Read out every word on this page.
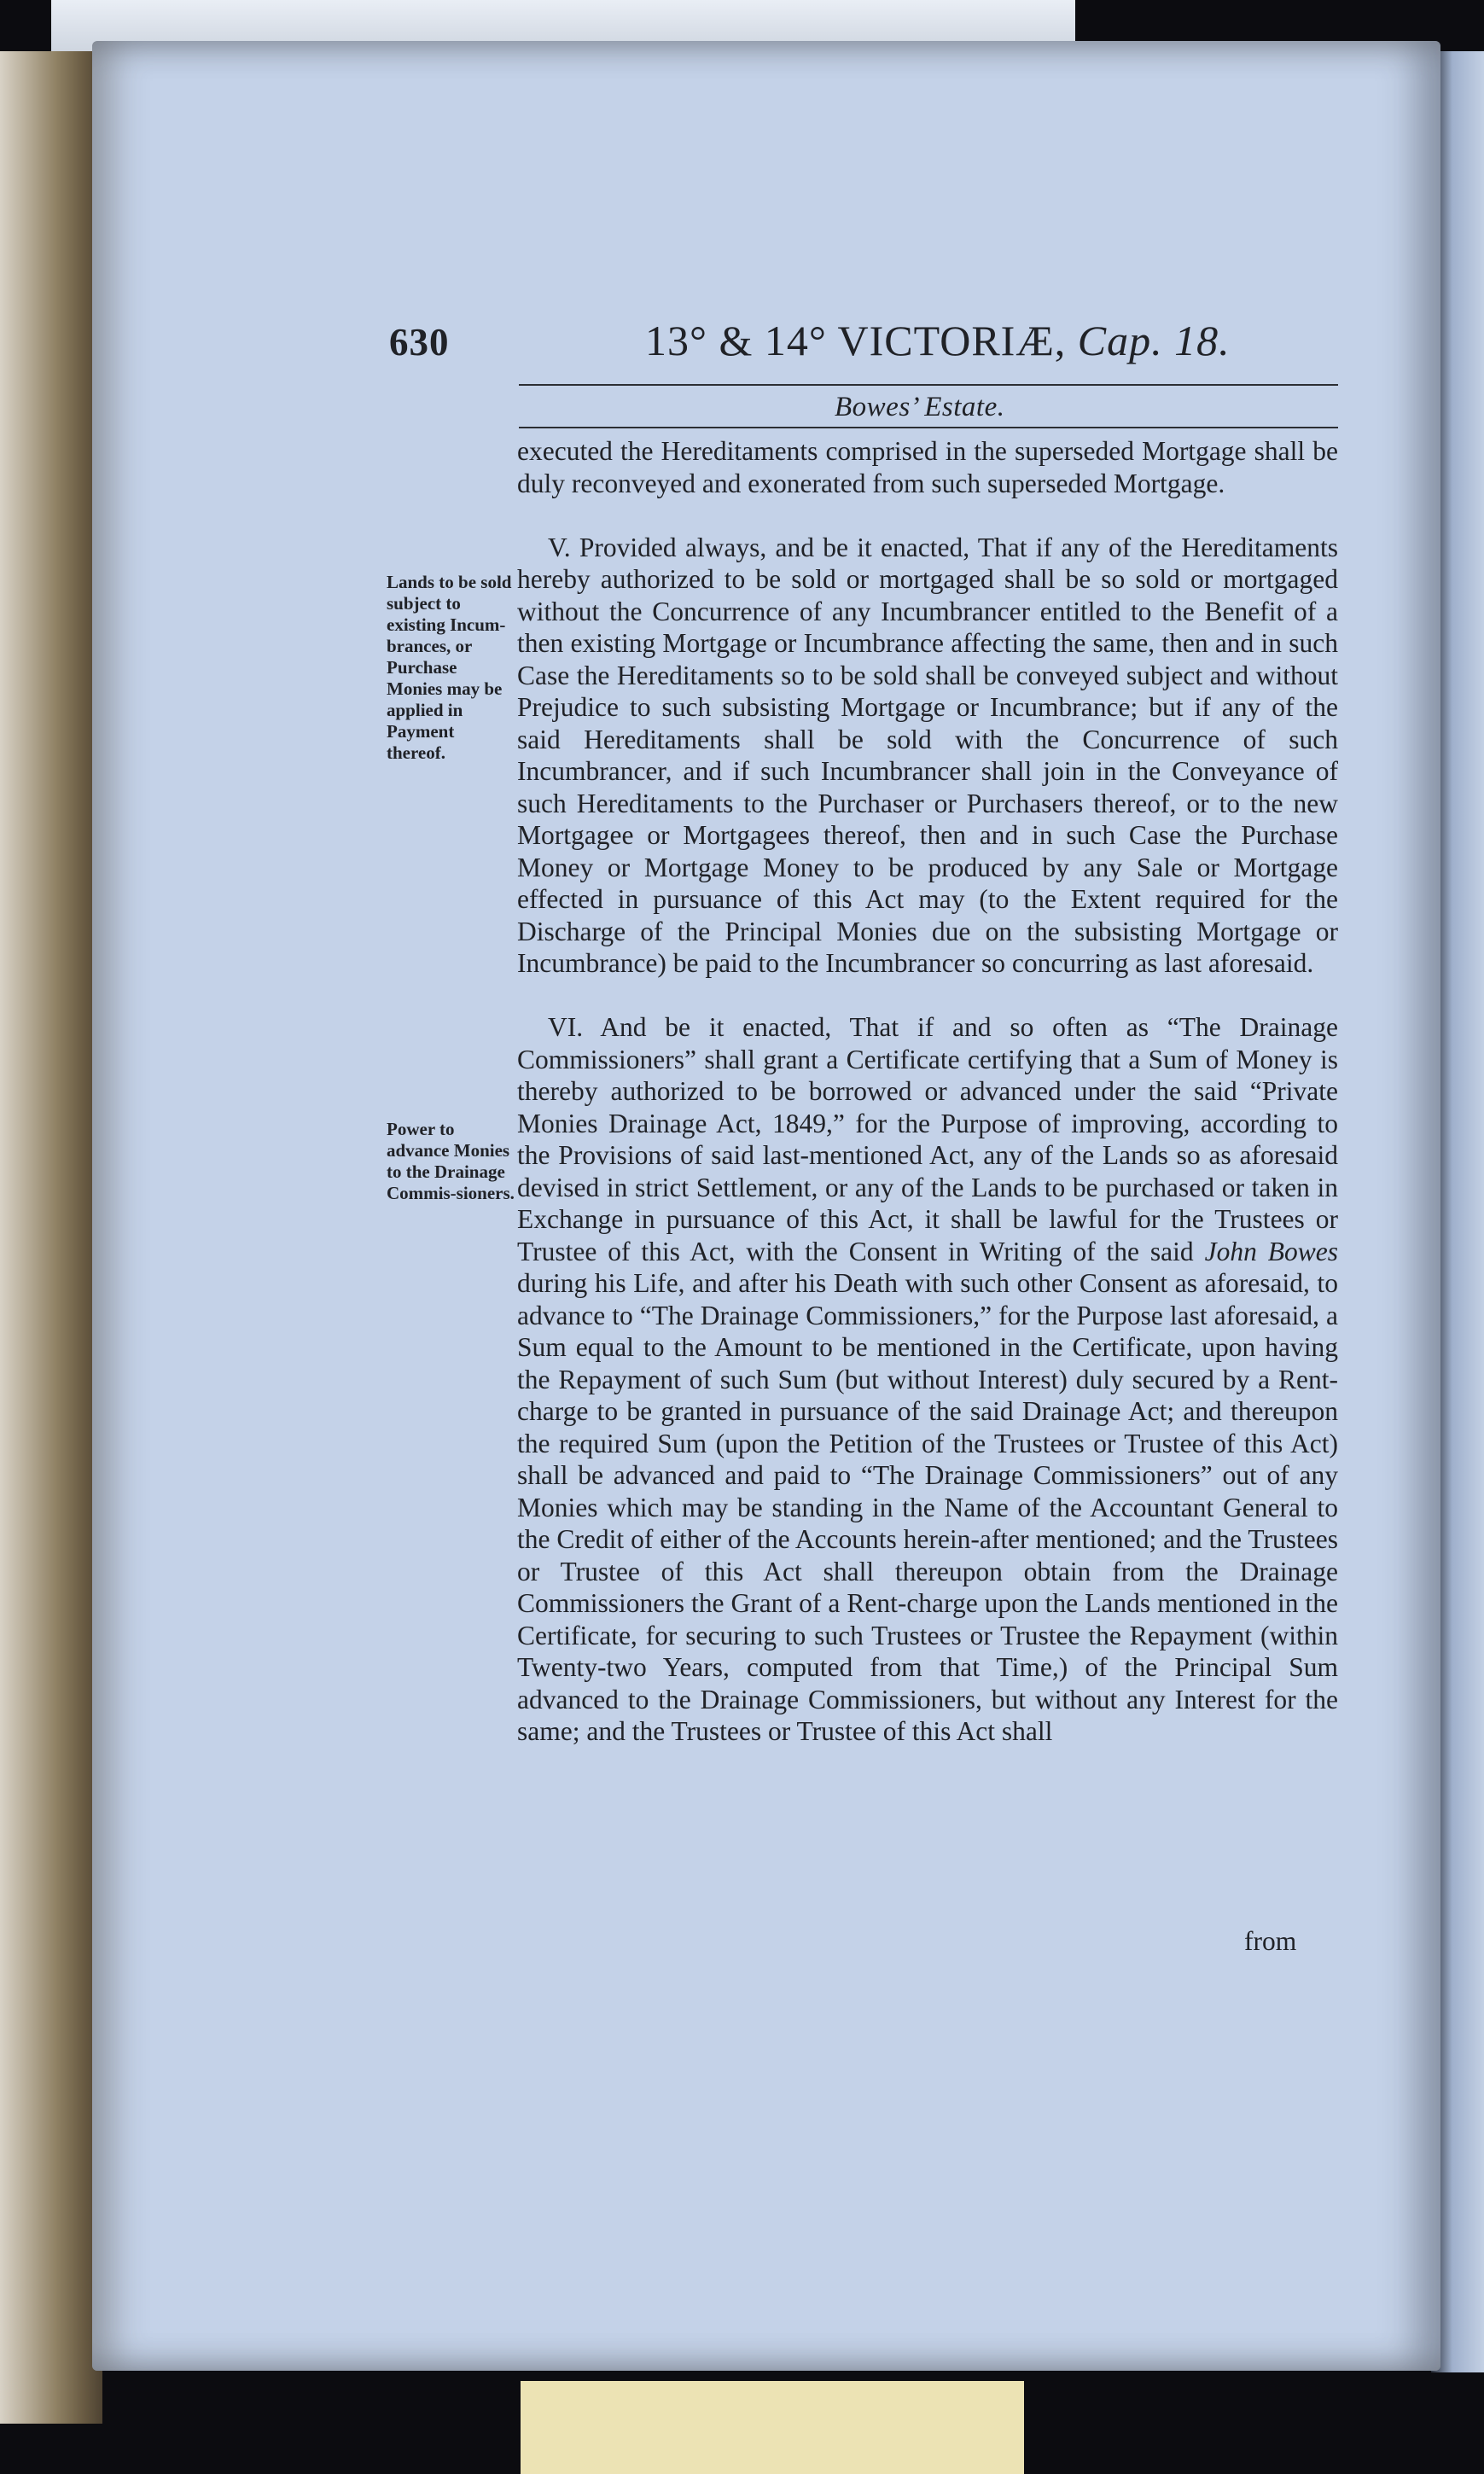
630	13° & 14° VICTORIÆ, Cap. 18.
Bowes’ Estate.
Lands to be sold subject to existing Incum-brances, or Purchase Monies may be applied in Payment thereof.
Power to advance Monies to the Drainage Commis-sioners.

executed the Hereditaments comprised in the superseded Mortgage shall be duly reconveyed and exonerated from such superseded Mortgage.

V. Provided always, and be it enacted, That if any of the Hereditaments hereby authorized to be sold or mortgaged shall be so sold or mortgaged without the Concurrence of any Incumbrancer entitled to the Benefit of a then existing Mortgage or Incumbrance affecting the same, then and in such Case the Hereditaments so to be sold shall be conveyed subject and without Prejudice to such subsisting Mortgage or Incumbrance; but if any of the said Hereditaments shall be sold with the Concurrence of such Incumbrancer, and if such Incumbrancer shall join in the Conveyance of such Hereditaments to the Purchaser or Purchasers thereof, or to the new Mortgagee or Mortgagees thereof, then and in such Case the Purchase Money or Mortgage Money to be produced by any Sale or Mortgage effected in pursuance of this Act may (to the Extent required for the Discharge of the Principal Monies due on the subsisting Mortgage or Incumbrance) be paid to the Incumbrancer so concurring as last aforesaid.

VI. And be it enacted, That if and so often as “The Drainage Commissioners” shall grant a Certificate certifying that a Sum of Money is thereby authorized to be borrowed or advanced under the said “Private Monies Drainage Act, 1849,” for the Purpose of improving, according to the Provisions of said last-mentioned Act, any of the Lands so as aforesaid devised in strict Settlement, or any of the Lands to be purchased or taken in Exchange in pursuance of this Act, it shall be lawful for the Trustees or Trustee of this Act, with the Consent in Writing of the said John Bowes during his Life, and after his Death with such other Consent as aforesaid, to advance to “The Drainage Commissioners,” for the Purpose last aforesaid, a Sum equal to the Amount to be mentioned in the Certificate, upon having the Repayment of such Sum (but without Interest) duly secured by a Rent-charge to be granted in pursuance of the said Drainage Act; and thereupon the required Sum (upon the Petition of the Trustees or Trustee of this Act) shall be advanced and paid to “The Drainage Commissioners” out of any Monies which may be standing in the Name of the Accountant General to the Credit of either of the Accounts herein-after mentioned; and the Trustees or Trustee of this Act shall thereupon obtain from the Drainage Commissioners the Grant of a Rent-charge upon the Lands mentioned in the Certificate, for securing to such Trustees or Trustee the Repayment (within Twenty-two Years, computed from that Time,) of the Principal Sum advanced to the Drainage Commissioners, but without any Interest for the same; and the Trustees or Trustee of this Act shall

from
